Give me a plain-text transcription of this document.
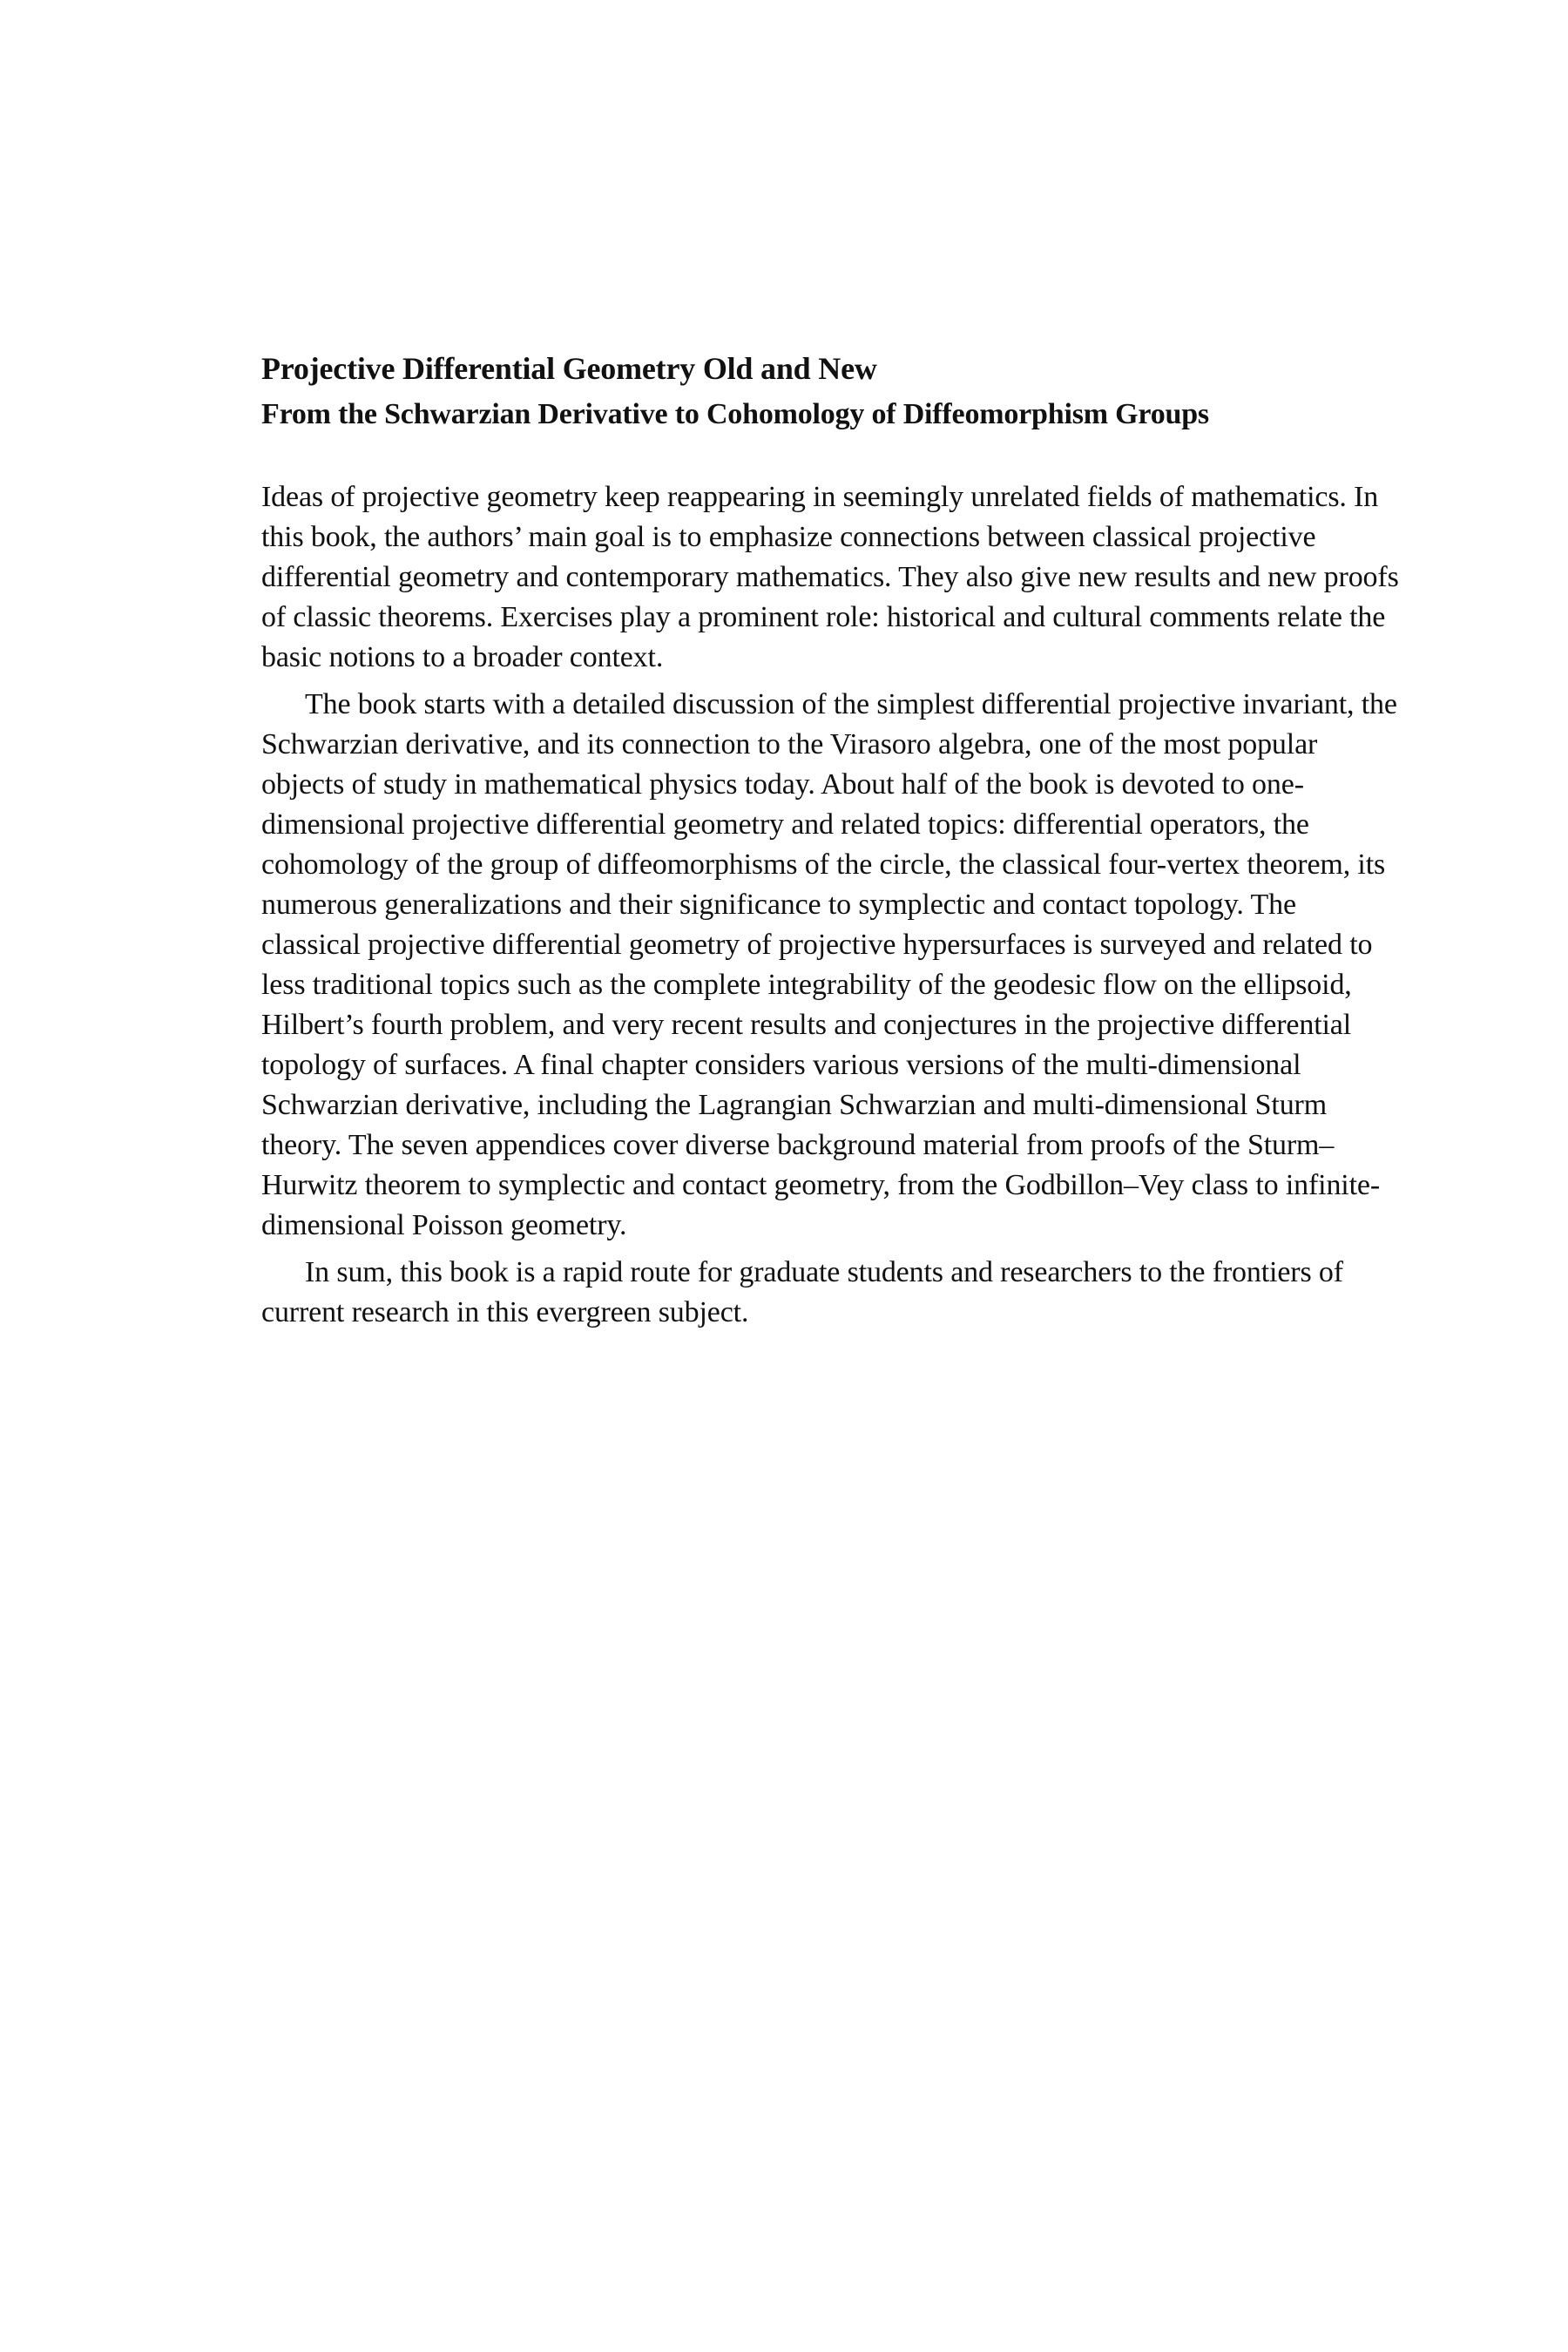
Projective Differential Geometry Old and New
From the Schwarzian Derivative to Cohomology of Diffeomorphism Groups

Ideas of projective geometry keep reappearing in seemingly unrelated fields of mathematics. In this book, the authors’ main goal is to emphasize connections between classical projective differential geometry and contemporary mathematics. They also give new results and new proofs of classic theorems. Exercises play a prominent role: historical and cultural comments relate the basic notions to a broader context.

The book starts with a detailed discussion of the simplest differential projective invariant, the Schwarzian derivative, and its connection to the Virasoro algebra, one of the most popular objects of study in mathematical physics today. About half of the book is devoted to one-dimensional projective differential geometry and related topics: differential operators, the cohomology of the group of diffeomorphisms of the circle, the classical four-vertex theorem, its numerous generalizations and their significance to symplectic and contact topology. The classical projective differential geometry of projective hypersurfaces is surveyed and related to less traditional topics such as the complete integrability of the geodesic flow on the ellipsoid, Hilbert’s fourth problem, and very recent results and conjectures in the projective differential topology of surfaces. A final chapter considers various versions of the multi-dimensional Schwarzian derivative, including the Lagrangian Schwarzian and multi-dimensional Sturm theory. The seven appendices cover diverse background material from proofs of the Sturm–Hurwitz theorem to symplectic and contact geometry, from the Godbillon–Vey class to infinite-dimensional Poisson geometry.

In sum, this book is a rapid route for graduate students and researchers to the frontiers of current research in this evergreen subject.
